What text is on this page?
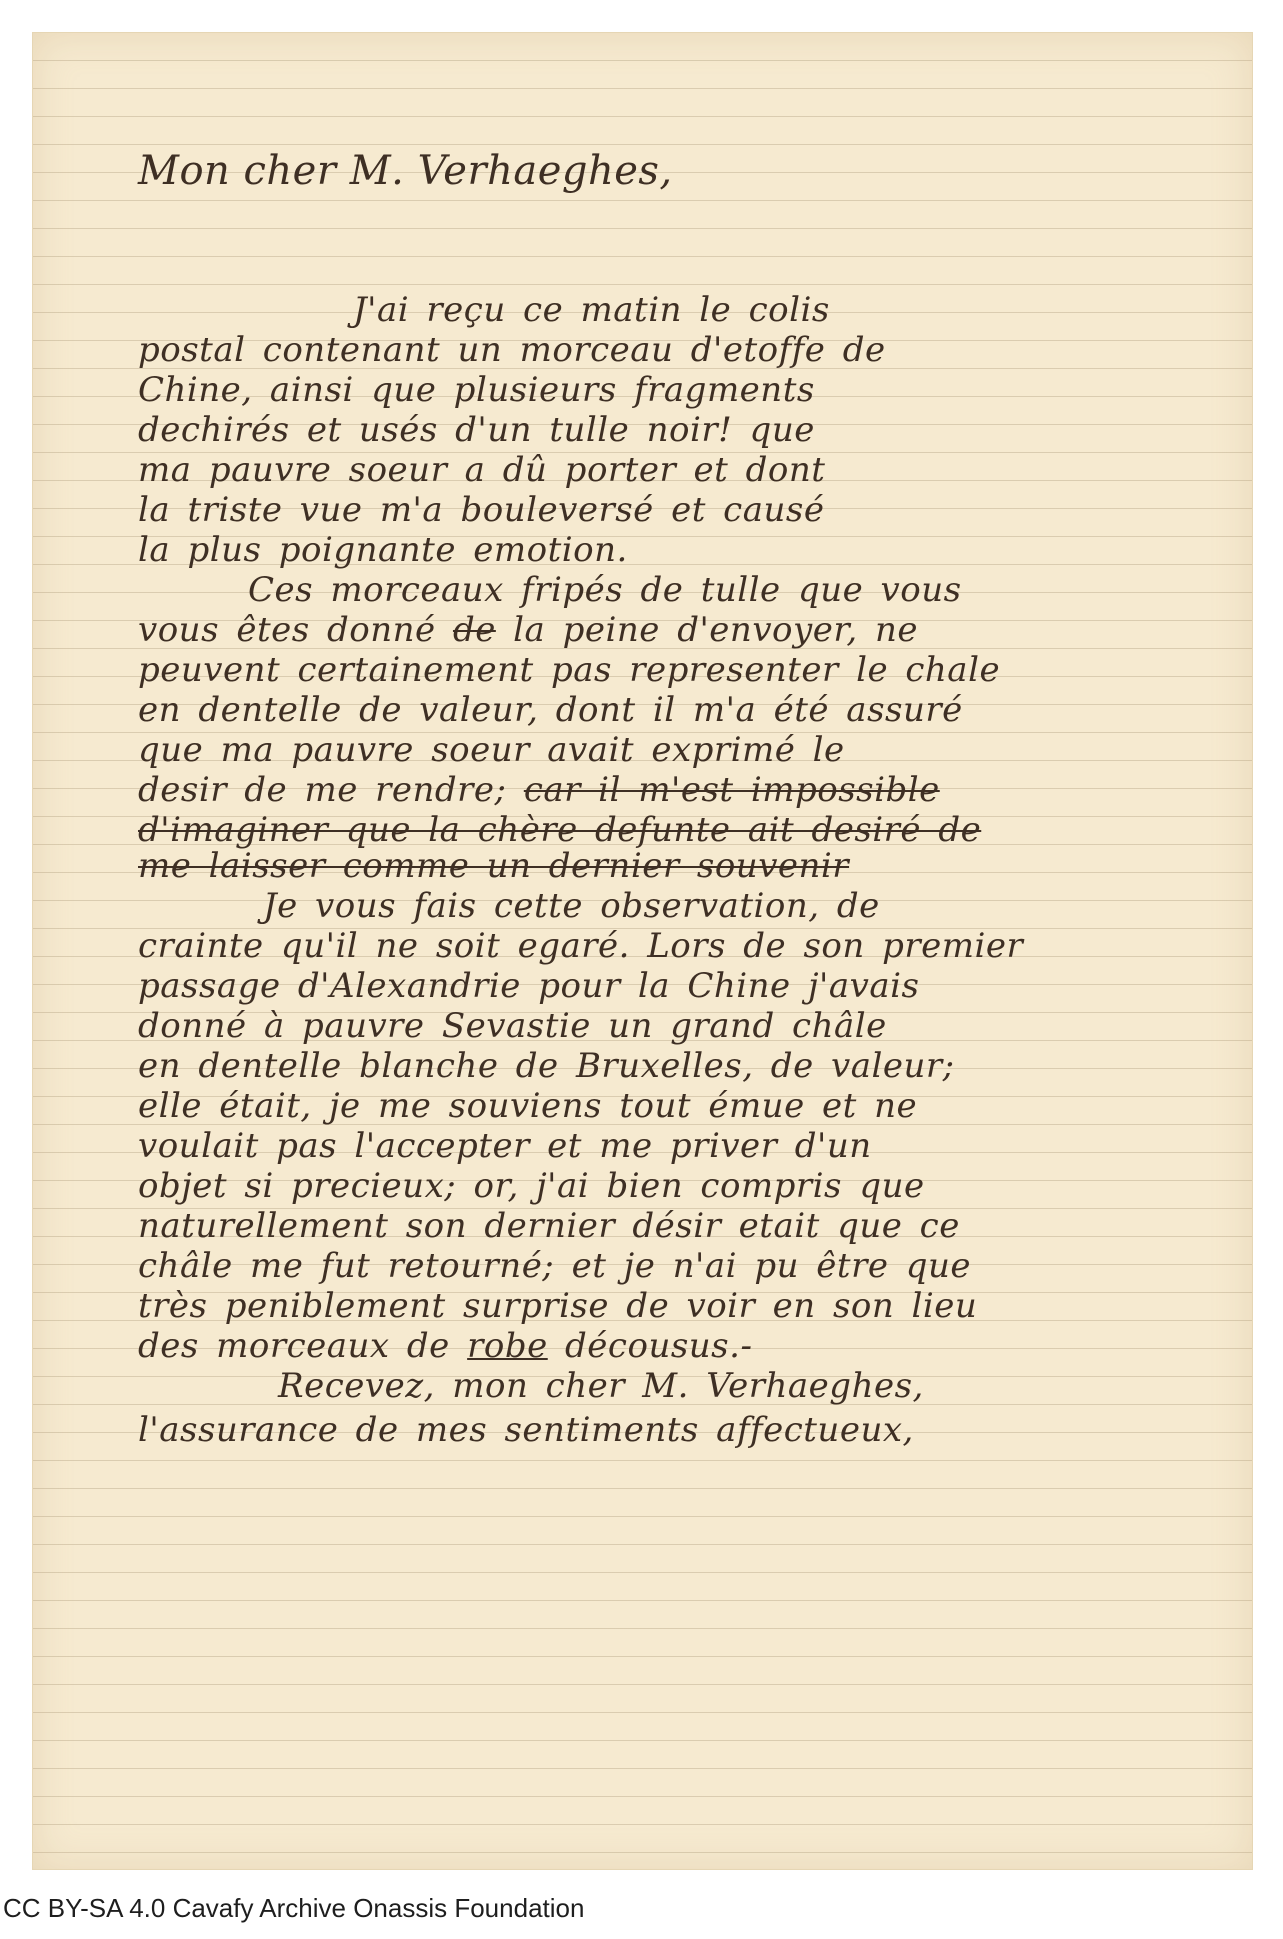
Mon cher M. Verhaeghes,
J'ai reçu ce matin le colis
postal contenant un morceau d'etoffe de
Chine, ainsi que plusieurs fragments
dechirés et usés d'un tulle noir! que
ma pauvre soeur a dû porter et dont
la triste vue m'a bouleversé et causé
la plus poignante emotion.
Ces morceaux fripés de tulle que vous
vous êtes donné de la peine d'envoyer, ne
peuvent certainement pas representer le chale
en dentelle de valeur, dont il m'a été assuré
que ma pauvre soeur avait exprimé le
desir de me rendre; car il m'est impossible
d'imaginer que la chère defunte ait desiré de
me laisser comme un dernier souvenir
Je vous fais cette observation, de
crainte qu'il ne soit egaré. Lors de son premier
passage d'Alexandrie pour la Chine j'avais
donné à pauvre Sevastie un grand châle
en dentelle blanche de Bruxelles, de valeur;
elle était, je me souviens tout émue et ne
voulait pas l'accepter et me priver d'un
objet si precieux; or, j'ai bien compris que
naturellement son dernier désir etait que ce
châle me fut retourné; et je n'ai pu être que
très peniblement surprise de voir en son lieu
des morceaux de robe décousus.-
Recevez, mon cher M. Verhaeghes,
l'assurance de mes sentiments affectueux,
CC BY-SA 4.0 Cavafy Archive Onassis Foundation
